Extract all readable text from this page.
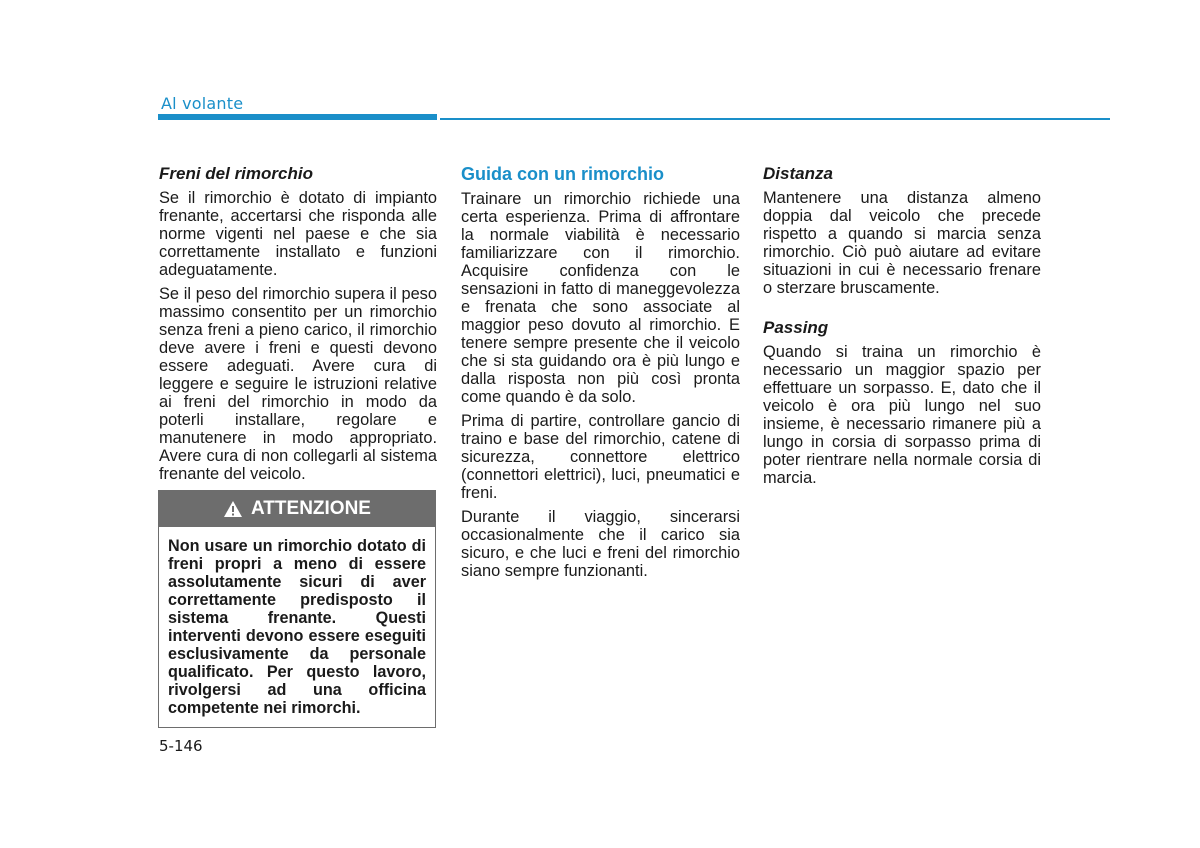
Al volante
Freni del rimorchio

Se il rimorchio è dotato di impianto frenante, accertarsi che risponda alle norme vigenti nel paese e che sia correttamente installato e funzioni adeguatamente.

Se il peso del rimorchio supera il peso massimo consentito per un rimorchio senza freni a pieno carico, il rimorchio deve avere i freni e questi devono essere adeguati. Avere cura di leggere e seguire le istruzioni relative ai freni del rimorchio in modo da poterli installare, regolare e manutenere in modo appropriato. Avere cura di non collegarli al sistema frenante del veicolo.

ATTENZIONE
Non usare un rimorchio dotato di freni propri a meno di essere assolutamente sicuri di aver correttamente predisposto il sistema frenante. Questi interventi devono essere eseguiti esclusivamente da personale qualificato. Per questo lavoro, rivolgersi ad una officina competente nei rimorchi.
Guida con un rimorchio

Trainare un rimorchio richiede una certa esperienza. Prima di affrontare la normale viabilità è necessario familiarizzare con il rimorchio. Acquisire confidenza con le sensazioni in fatto di maneggevolezza e frenata che sono associate al maggior peso dovuto al rimorchio. E tenere sempre presente che il veicolo che si sta guidando ora è più lungo e dalla risposta non più così pronta come quando è da solo.

Prima di partire, controllare gancio di traino e base del rimorchio, catene di sicurezza, connettore elettrico (connettori elettrici), luci, pneumatici e freni.

Durante il viaggio, sincerarsi occasionalmente che il carico sia sicuro, e che luci e freni del rimorchio siano sempre funzionanti.

Distanza

Mantenere una distanza almeno doppia dal veicolo che precede rispetto a quando si marcia senza rimorchio. Ciò può aiutare ad evitare situazioni in cui è necessario frenare o sterzare bruscamente.

Passing

Quando si traina un rimorchio è necessario un maggior spazio per effettuare un sorpasso. E, dato che il veicolo è ora più lungo nel suo insieme, è necessario rimanere più a lungo in corsia di sorpasso prima di poter rientrare nella normale corsia di marcia.

5-146
